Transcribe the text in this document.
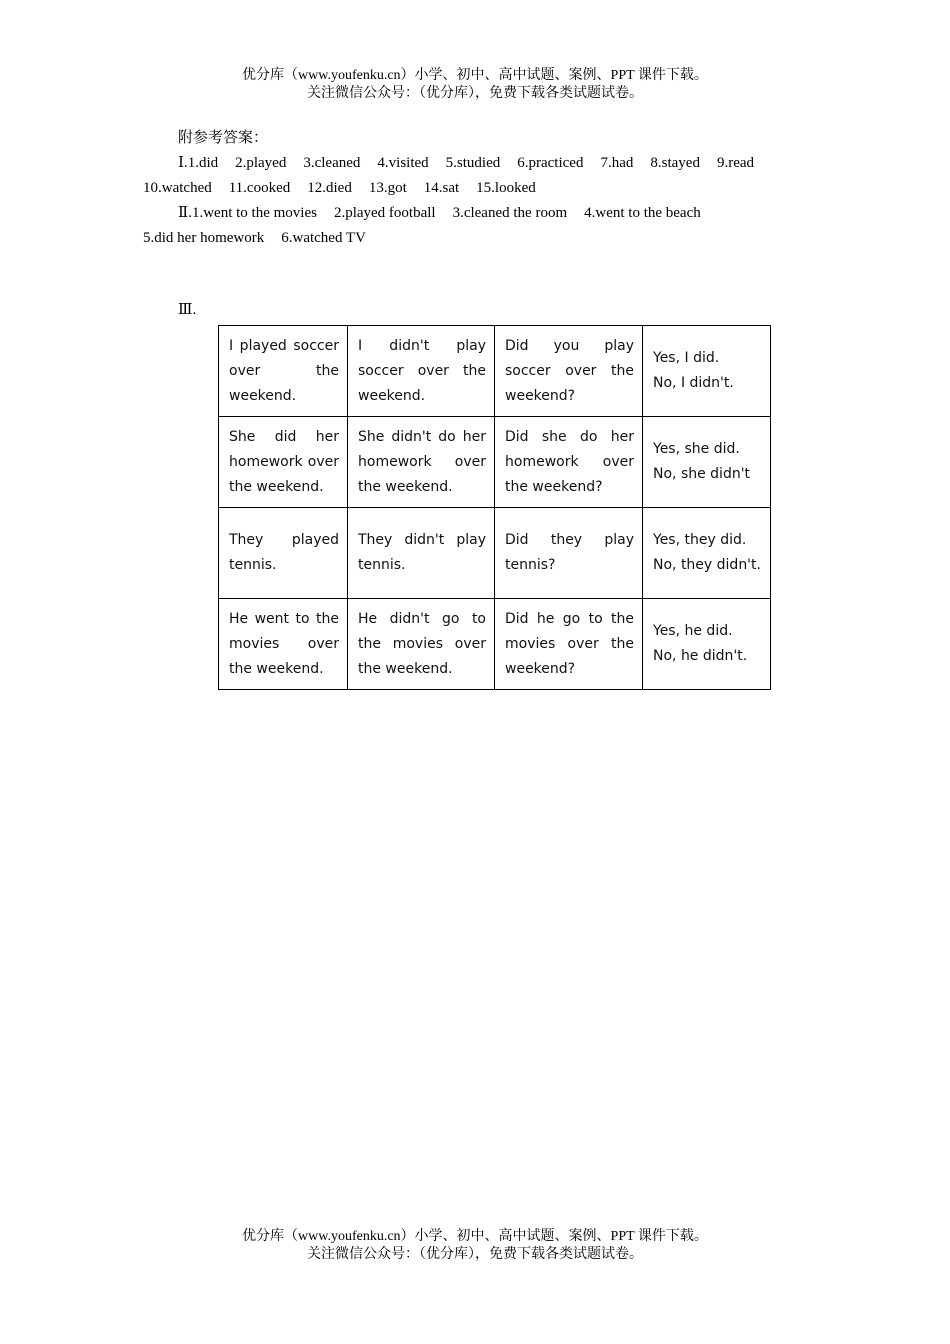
优分库（www.youfenku.cn）小学、初中、高中试题、案例、PPT 课件下载。
关注微信公众号：（优分库），免费下载各类试题试卷。
附参考答案：
Ⅰ.1.did 2.played 3.cleaned 4.visited 5.studied 6.practiced 7.had 8.stayed 9.read
10.watched 11.cooked 12.died 13.got 14.sat 15.looked
Ⅱ.1.went to the movies 2.played football 3.cleaned the room 4.went to the beach
5.did her homework 6.watched TV
Ⅲ.
I played soccer over the weekend.	I didn't play soccer over the weekend.	Did you play soccer over the weekend?	Yes, I did.
No, I didn't.

She did her homework over the weekend.	She didn't do her homework over the weekend.	Did she do her homework over the weekend?	Yes, she did.
No, she didn't

They played tennis.	They didn't play tennis.	Did they play tennis?	Yes, they did.
No, they didn't.

He went to the movies over the weekend.	He didn't go to the movies over the weekend.	Did he go to the movies over the weekend?	Yes, he did.
No, he didn't.
优分库（www.youfenku.cn）小学、初中、高中试题、案例、PPT 课件下载。
关注微信公众号：（优分库），免费下载各类试题试卷。
